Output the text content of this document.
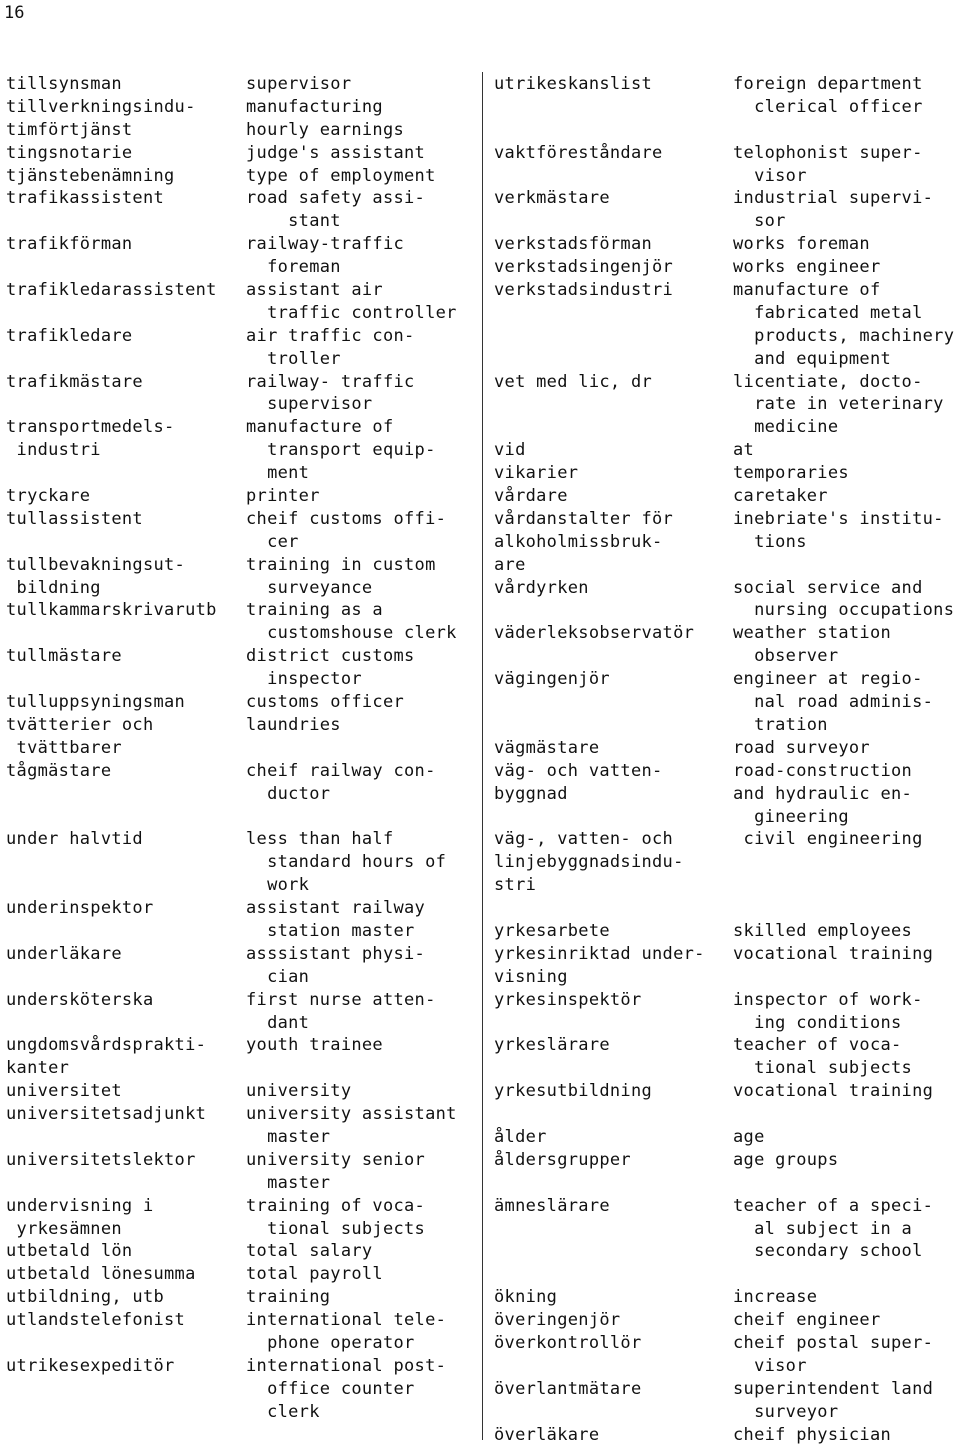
16
tillsynsman
tillverkningsindu-
timförtjänst
tingsnotarie
tjänstebenämning
trafikassistent
trafikförman
trafikledarassistent
trafikledare
trafikmästare
transportmedels-
industri
tryckare
tullassistent
tullbevakningsut-
bildning
tullkammarskrivarutb
tullmästare
tulluppsyningsman
tvätterier och
tvättbarer
tågmästare
under halvtid
underinspektor
underläkare
undersköterska
ungdomsvårdsprakti-
kanter
universitet
universitetsadjunkt
universitetslektor
undervisning i
yrkesämnen
utbetald lön
utbetald lönesumma
utbildning, utb
utlandstelefonist
utrikesexpeditör
supervisor
manufacturing
hourly earnings
judge's assistant
type of employment
road safety assi-
stant
railway-traffic
foreman
assistant air
traffic controller
air traffic con-
troller
railway- traffic
supervisor
manufacture of
transport equip-
ment
printer
cheif customs offi-
cer
training in custom
surveyance
training as a
customshouse clerk
district customs
inspector
customs officer
laundries
cheif railway con-
ductor
less than half
standard hours of
work
assistant railway
station master
asssistant physi-
cian
first nurse atten-
dant
youth trainee
university
university assistant
master
university senior
master
training of voca-
tional subjects
total salary
total payroll
training
international tele-
phone operator
international post-
office counter
clerk
utrikeskanslist
vaktföreståndare
verkmästare
verkstadsförman
verkstadsingenjör
verkstadsindustri
vet med lic, dr
vid
vikarier
vårdare
vårdanstalter för
alkoholmissbruk-
are
vårdyrken
väderleksobservatör
vägingenjör
vägmästare
väg- och vatten-
byggnad
väg-, vatten- och
linjebyggnadsindu-
stri
yrkesarbete
yrkesinriktad under-
visning
yrkesinspektör
yrkeslärare
yrkesutbildning
ålder
åldersgrupper
ämneslärare
ökning
överingenjör
överkontrollör
överlantmätare
överläkare
foreign department
clerical officer
telophonist super-
visor
industrial supervi-
sor
works foreman
works engineer
manufacture of
fabricated metal
products, machinery
and equipment
licentiate, docto-
rate in veterinary
medicine
at
temporaries
caretaker
inebriate's institu-
tions
social service and
nursing occupations
weather station
observer
engineer at regio-
nal road adminis-
tration
road surveyor
road-construction
and hydraulic en-
gineering
civil engineering
skilled employees
vocational training
inspector of work-
ing conditions
teacher of voca-
tional subjects
vocational training
age
age groups
teacher of a speci-
al subject in a
secondary school
increase
cheif engineer
cheif postal super-
visor
superintendent land
surveyor
cheif physician
